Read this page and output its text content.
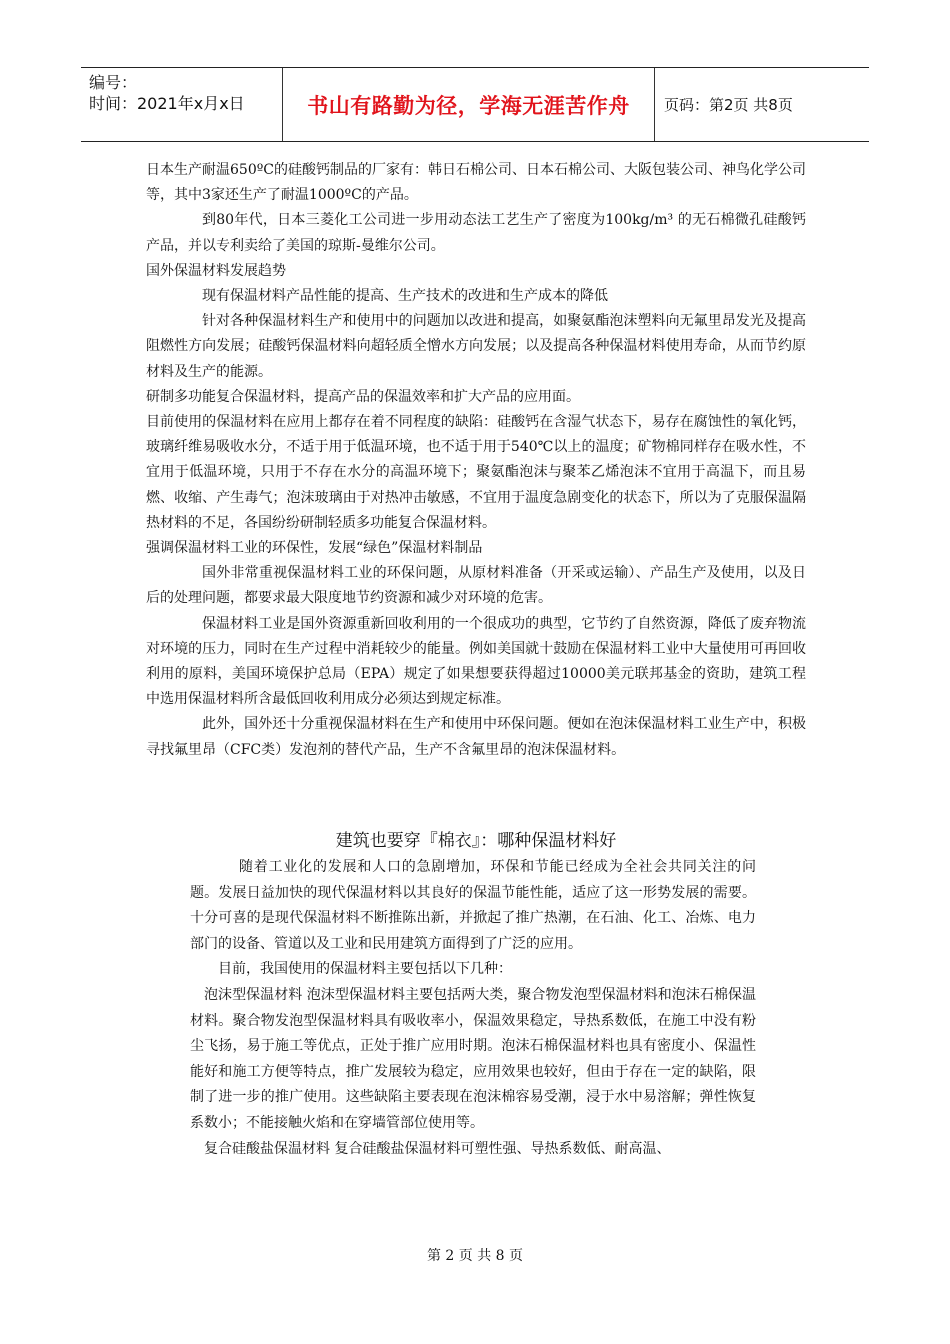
编号：
时间：2021年x月x日	书山有路勤为径，学海无涯苦作舟 页码：第2页 共8页

日本生产耐温650ºC的硅酸钙制品的厂家有：韩日石棉公司、日本石棉公司、大阪包装公司、神鸟化学公司等，其中3家还生产了耐温1000ºC的产品。

到80年代，日本三菱化工公司进一步用动态法工艺生产了密度为100kg/m³ 的无石棉微孔硅酸钙产品，并以专利卖给了美国的琼斯-曼维尔公司。

国外保温材料发展趋势

现有保温材料产品性能的提高、生产技术的改进和生产成本的降低

针对各种保温材料生产和使用中的问题加以改进和提高，如聚氨酯泡沫塑料向无氟里昂发光及提高阻燃性方向发展；硅酸钙保温材料向超轻质全憎水方向发展；以及提高各种保温材料使用寿命，从而节约原材料及生产的能源。

研制多功能复合保温材料，提高产品的保温效率和扩大产品的应用面。

目前使用的保温材料在应用上都存在着不同程度的缺陷：硅酸钙在含湿气状态下，易存在腐蚀性的氧化钙，玻璃纤维易吸收水分，不适于用于低温环境，也不适于用于540℃以上的温度；矿物棉同样存在吸水性，不宜用于低温环境，只用于不存在水分的高温环境下；聚氨酯泡沫与聚苯乙烯泡沫不宜用于高温下，而且易燃、收缩、产生毒气；泡沫玻璃由于对热冲击敏感，不宜用于温度急剧变化的状态下，所以为了克服保温隔热材料的不足，各国纷纷研制轻质多功能复合保温材料。

强调保温材料工业的环保性，发展“绿色”保温材料制品

国外非常重视保温材料工业的环保问题，从原材料准备（开采或运输）、产品生产及使用，以及日后的处理问题，都要求最大限度地节约资源和减少对环境的危害。

保温材料工业是国外资源重新回收利用的一个很成功的典型，它节约了自然资源，降低了废弃物流对环境的压力，同时在生产过程中消耗较少的能量。例如美国就十鼓励在保温材料工业中大量使用可再回收利用的原料，美国环境保护总局（EPA）规定了如果想要获得超过10000美元联邦基金的资助，建筑工程中选用保温材料所含最低回收利用成分必须达到规定标准。

此外，国外还十分重视保温材料在生产和使用中环保问题。便如在泡沫保温材料工业生产中，积极寻找氟里昂（CFC类）发泡剂的替代产品，生产不含氟里昂的泡沫保温材料。

建筑也要穿『棉衣』：哪种保温材料好

随着工业化的发展和人口的急剧增加，环保和节能已经成为全社会共同关注的问题。发展日益加快的现代保温材料以其良好的保温节能性能，适应了这一形势发展的需要。十分可喜的是现代保温材料不断推陈出新，并掀起了推广热潮，在石油、化工、冶炼、电力部门的设备、管道以及工业和民用建筑方面得到了广泛的应用。

目前，我国使用的保温材料主要包括以下几种：

泡沫型保温材料 泡沫型保温材料主要包括两大类，聚合物发泡型保温材料和泡沫石棉保温材料。聚合物发泡型保温材料具有吸收率小，保温效果稳定，导热系数低，在施工中没有粉尘飞扬，易于施工等优点，正处于推广应用时期。泡沫石棉保温材料也具有密度小、保温性能好和施工方便等特点，推广发展较为稳定，应用效果也较好，但由于存在一定的缺陷，限制了进一步的推广使用。这些缺陷主要表现在泡沫棉容易受潮，浸于水中易溶解；弹性恢复系数小；不能接触火焰和在穿墙管部位使用等。

复合硅酸盐保温材料 复合硅酸盐保温材料可塑性强、导热系数低、耐高温、

第 2 页 共 8 页
